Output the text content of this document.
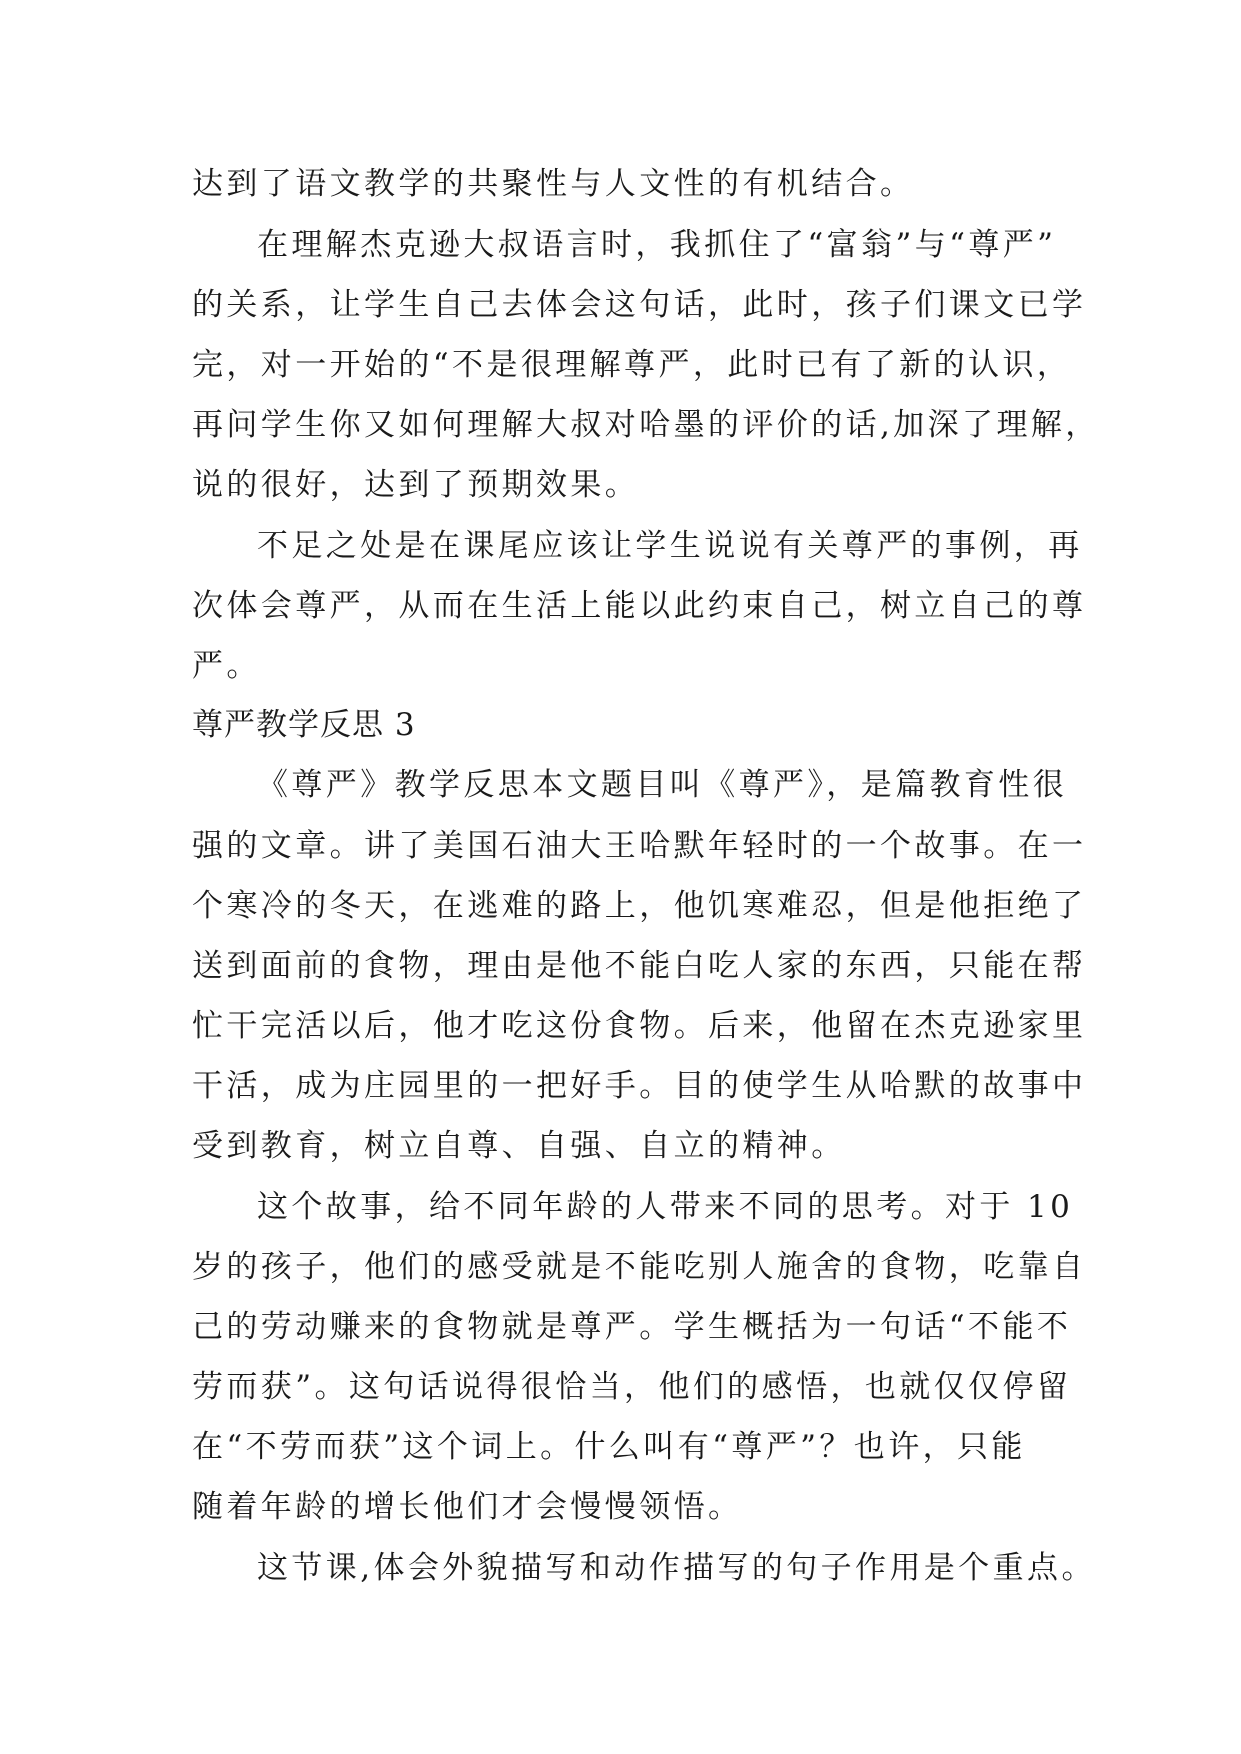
达到了语文教学的共聚性与人文性的有机结合。
在理解杰克逊大叔语言时，我抓住了“富翁”与“尊严”
的关系，让学生自己去体会这句话，此时，孩子们课文已学
完，对一开始的“不是很理解尊严，此时已有了新的认识，
再问学生你又如何理解大叔对哈墨的评价的话,加深了理解，
说的很好，达到了预期效果。
不足之处是在课尾应该让学生说说有关尊严的事例，再
次体会尊严，从而在生活上能以此约束自己，树立自己的尊
严。
尊严教学反思 3
《尊严》教学反思本文题目叫《尊严》，是篇教育性很
强的文章。讲了美国石油大王哈默年轻时的一个故事。在一
个寒冷的冬天，在逃难的路上，他饥寒难忍，但是他拒绝了
送到面前的食物，理由是他不能白吃人家的东西，只能在帮
忙干完活以后，他才吃这份食物。后来，他留在杰克逊家里
干活，成为庄园里的一把好手。目的使学生从哈默的故事中
受到教育，树立自尊、自强、自立的精神。
这个故事，给不同年龄的人带来不同的思考。对于 10
岁的孩子，他们的感受就是不能吃别人施舍的食物，吃靠自
己的劳动赚来的食物就是尊严。学生概括为一句话“不能不
劳而获”。这句话说得很恰当，他们的感悟，也就仅仅停留
在“不劳而获”这个词上。什么叫有“尊严”？也许，只能
随着年龄的增长他们才会慢慢领悟。
这节课,体会外貌描写和动作描写的句子作用是个重点。
